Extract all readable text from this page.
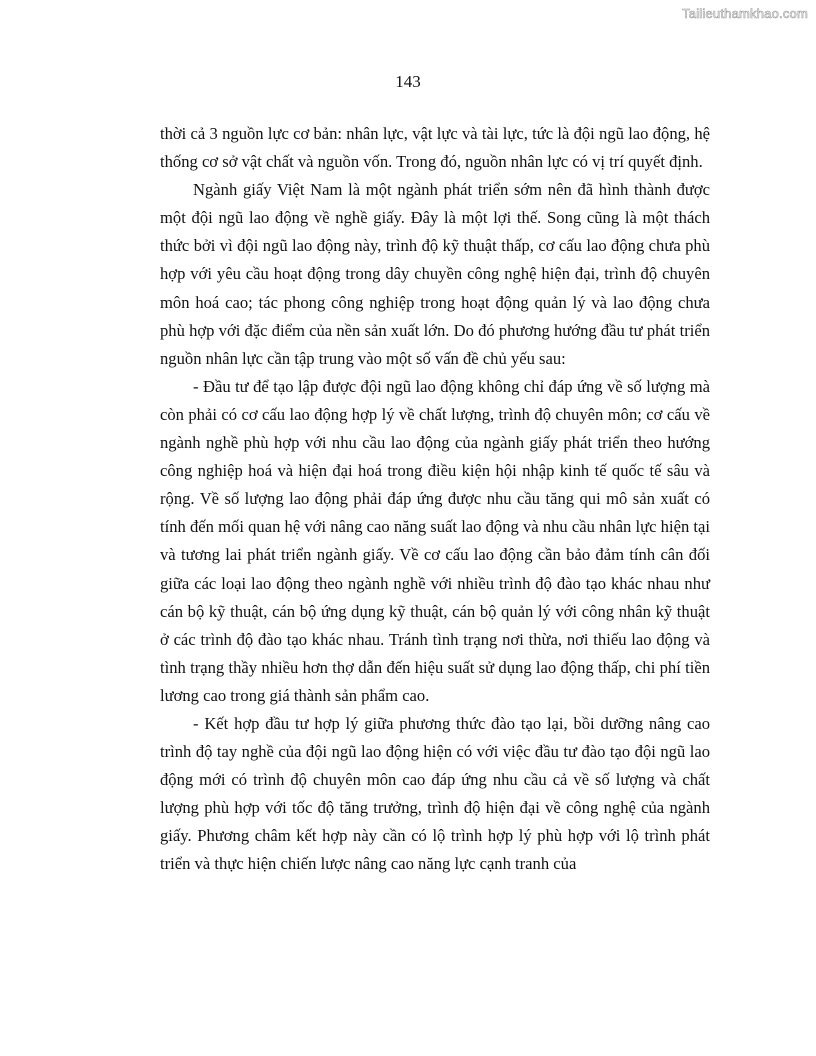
Tailieuthamkhao.com
143

thời cả 3 nguồn lực cơ bản: nhân lực, vật lực và tài lực, tức là đội ngũ lao động, hệ thống cơ sở vật chất và nguồn vốn. Trong đó, nguồn nhân lực có vị trí quyết định.

Ngành giấy Việt Nam là một ngành phát triển sớm nên đã hình thành được một đội ngũ lao động về nghề giấy. Đây là một lợi thế. Song cũng là một thách thức bởi vì đội ngũ lao động này, trình độ kỹ thuật thấp, cơ cấu lao động chưa phù hợp với yêu cầu hoạt động trong dây chuyền công nghệ hiện đại, trình độ chuyên môn hoá cao; tác phong công nghiệp trong hoạt động quản lý và lao động chưa phù hợp với đặc điểm của nền sản xuất lớn. Do đó phương hướng đầu tư phát triển nguồn nhân lực cần tập trung vào một số vấn đề chủ yếu sau:

- Đầu tư để tạo lập được đội ngũ lao động không chỉ đáp ứng về số lượng mà còn phải có cơ cấu lao động hợp lý về chất lượng, trình độ chuyên môn; cơ cấu về ngành nghề phù hợp với nhu cầu lao động của ngành giấy phát triển theo hướng công nghiệp hoá và hiện đại hoá trong điều kiện hội nhập kinh tế quốc tế sâu và rộng. Về số lượng lao động phải đáp ứng được nhu cầu tăng qui mô sản xuất có tính đến mối quan hệ với nâng cao năng suất lao động và nhu cầu nhân lực hiện tại và tương lai phát triển ngành giấy. Về cơ cấu lao động cần bảo đảm tính cân đối giữa các loại lao động theo ngành nghề với nhiều trình độ đào tạo khác nhau như cán bộ kỹ thuật, cán bộ ứng dụng kỹ thuật, cán bộ quản lý với công nhân kỹ thuật ở các trình độ đào tạo khác nhau. Tránh tình trạng nơi thừa, nơi thiếu lao động và tình trạng thầy nhiều hơn thợ dẫn đến hiệu suất sử dụng lao động thấp, chi phí tiền lương cao trong giá thành sản phẩm cao.

- Kết hợp đầu tư hợp lý giữa phương thức đào tạo lại, bồi dưỡng nâng cao trình độ tay nghề của đội ngũ lao động hiện có với việc đầu tư đào tạo đội ngũ lao động mới có trình độ chuyên môn cao đáp ứng nhu cầu cả về số lượng và chất lượng phù hợp với tốc độ tăng trưởng, trình độ hiện đại về công nghệ của ngành giấy. Phương châm kết hợp này cần có lộ trình hợp lý phù hợp với lộ trình phát triển và thực hiện chiến lược nâng cao năng lực cạnh tranh của
